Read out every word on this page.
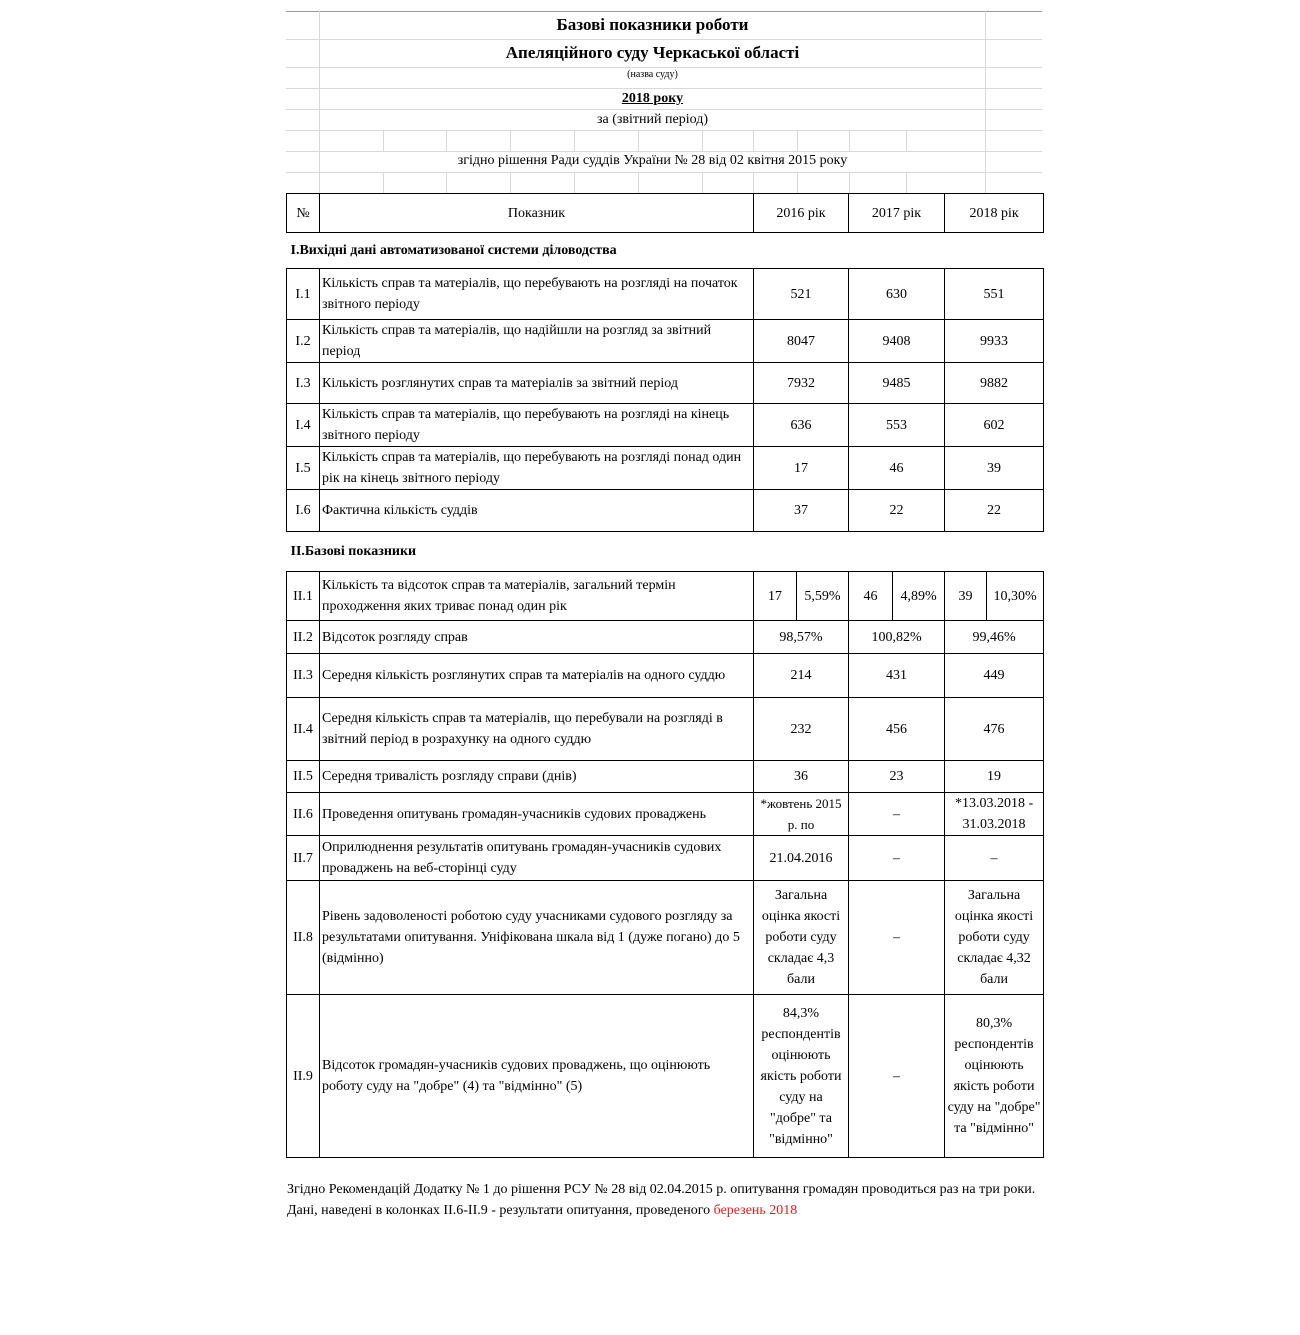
Базові показники роботи
Апеляційного суду Черкаської області
(назва суду)
2018 року
за (звітний період)
згідно рішення Ради суддів України № 28 від 02 квітня 2015 року
№	Показник	2016 рік		2017 рік		2018 рік	
І.Вихідні дані автоматизованої системи діловодства							
І.1	Кількість справ та матеріалів, що перебувають на розгляді на початок звітного періоду	521		630		551	
І.2	Кількість справ та матеріалів, що надійшли на розгляд за звітний період	8047		9408		9933	
І.3	Кількість розглянутих справ та матеріалів за звітний період	7932		9485		9882	
І.4	Кількість справ та матеріалів, що перебувають на розгляді на кінець звітного періоду	636		553		602	
І.5	Кількість справ та матеріалів, що перебувають на розгляді понад один рік на кінець звітного періоду	17		46		39	
І.6	Фактична кількість суддів	37		22		22	
ІІ.Базові показники							
ІІ.1	Кількість та відсоток справ та матеріалів, загальний термін проходження яких триває понад один рік	17	5,59%	46	4,89%	39	10,30%
ІІ.2	Відсоток розгляду справ	98,57%		100,82%		99,46%	
ІІ.3	Середня кількість розглянутих справ та матеріалів на одного суддю	214		431		449	
ІІ.4	Середня кількість справ та матеріалів, що перебували на розгляді в звітний період в розрахунку на одного суддю	232		456		476	
ІІ.5	Середня тривалість розгляду справи (днів)	36		23		19	
ІІ.6	Проведення опитувань громадян-учасників судових проваджень	*жовтень 2015 р. по		–		*13.03.2018 - 31.03.2018	
ІІ.7	Оприлюднення результатів опитувань громадян-учасників судових проваджень на веб-сторінці суду	21.04.2016		–		–	
ІІ.8	Рівень задоволеності роботою суду учасниками судового розгляду за результатами опитування. Уніфікована шкала від 1 (дуже погано) до 5 (відмінно)	Загальна оцінка якості роботи суду складає 4,3 бали		–		Загальна оцінка якості роботи суду складає 4,32 бали	
ІІ.9	Відсоток громадян-учасників судових проваджень, що оцінюють роботу суду на "добре" (4) та "відмінно" (5)	84,3% респондентів оцінюють якість роботи суду на "добре" та "відмінно"		–		80,3% респондентів оцінюють якість роботи суду на "добре" та "відмінно"	
Згідно Рекомендацій Додатку № 1 до рішення РСУ № 28 від 02.04.2015 р. опитування громадян проводиться раз на три роки. Дані, наведені в колонках ІІ.6-ІІ.9 - результати опитуання, проведеного березень 2018
